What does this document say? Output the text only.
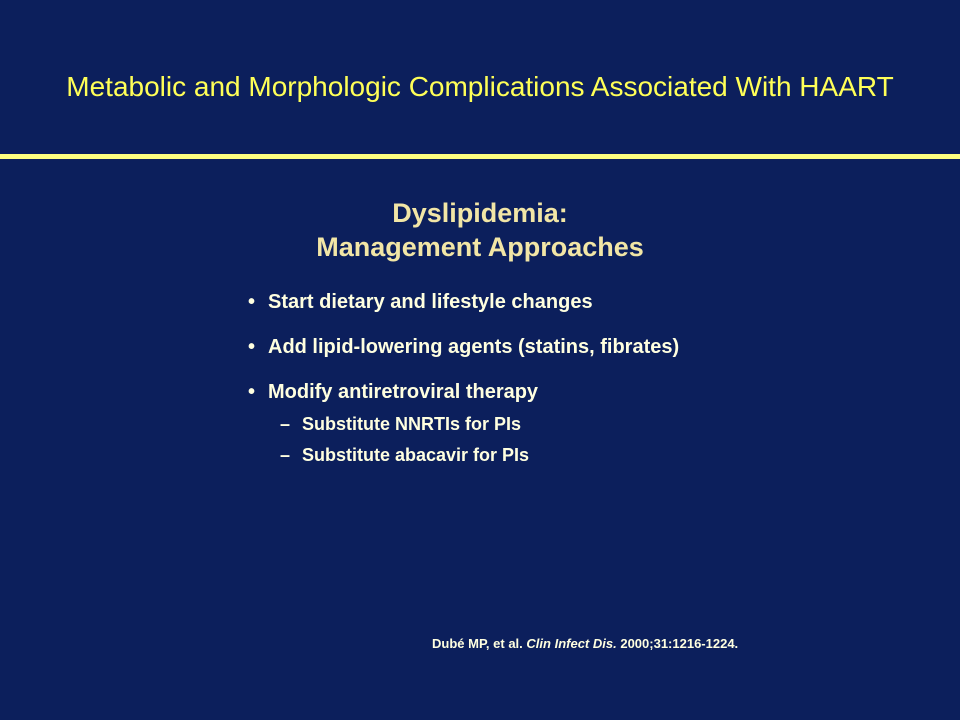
Metabolic and Morphologic Complications Associated With HAART
Dyslipidemia:
Management Approaches
• Start dietary and lifestyle changes
• Add lipid-lowering agents (statins, fibrates)
• Modify antiretroviral therapy
– Substitute NNRTIs for PIs
– Substitute abacavir for PIs
Dubé MP, et al. Clin Infect Dis. 2000;31:1216-1224.
